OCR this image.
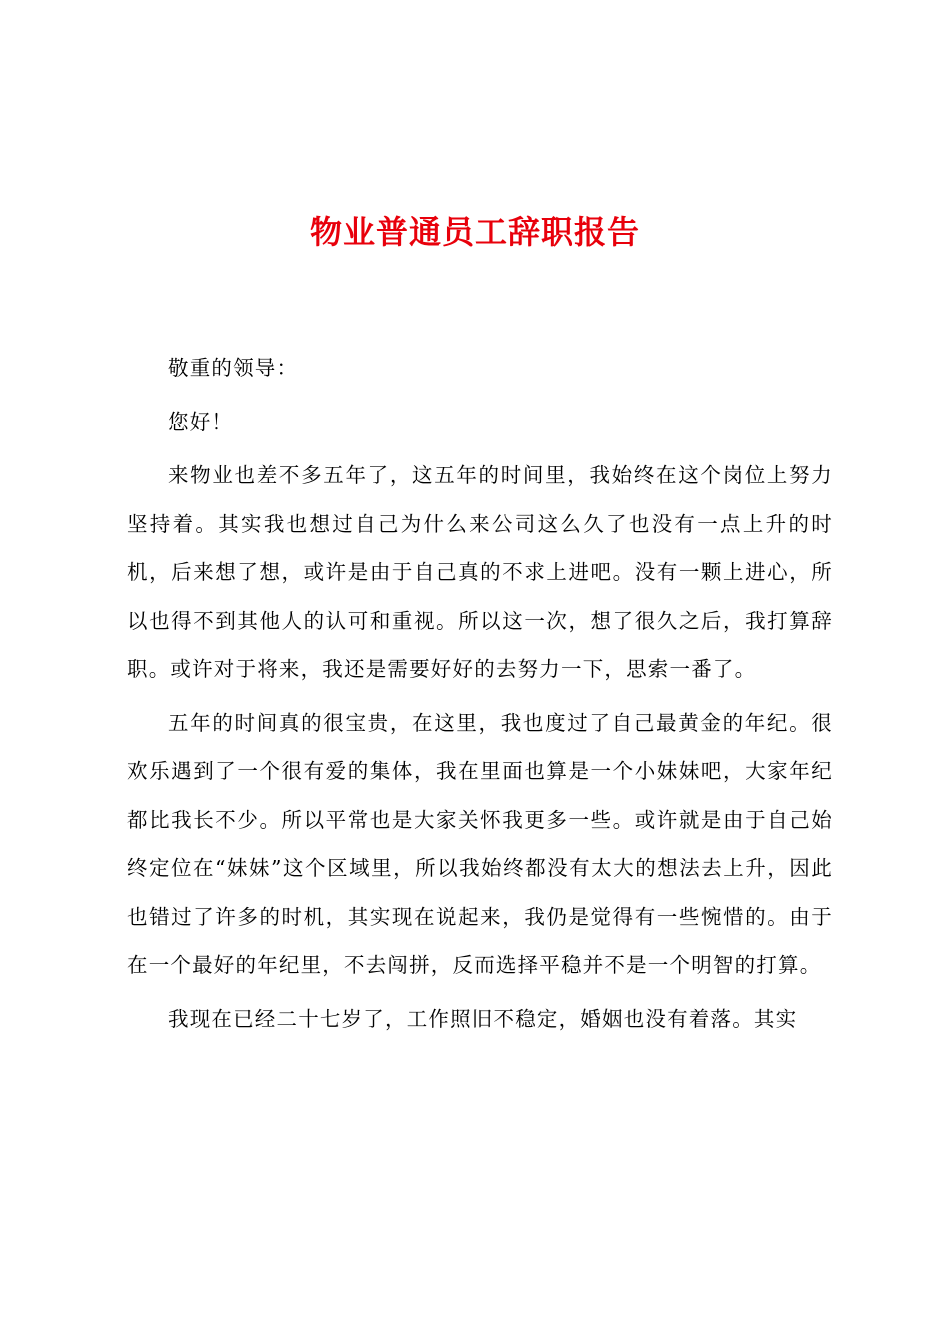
物业普通员工辞职报告

敬重的领导：

您好！

来物业也差不多五年了，这五年的时间里，我始终在这个岗位上努力坚持着。其实我也想过自己为什么来公司这么久了也没有一点上升的时机，后来想了想，或许是由于自己真的不求上进吧。没有一颗上进心，所以也得不到其他人的认可和重视。所以这一次，想了很久之后，我打算辞职。或许对于将来，我还是需要好好的去努力一下，思索一番了。

五年的时间真的很宝贵，在这里，我也度过了自己最黄金的年纪。很欢乐遇到了一个很有爱的集体，我在里面也算是一个小妹妹吧，大家年纪都比我长不少。所以平常也是大家关怀我更多一些。或许就是由于自己始终定位在“妹妹”这个区域里，所以我始终都没有太大的想法去上升，因此也错过了许多的时机，其实现在说起来，我仍是觉得有一些惋惜的。由于在一个最好的年纪里，不去闯拼，反而选择平稳并不是一个明智的打算。

我现在已经二十七岁了，工作照旧不稳定，婚姻也没有着落。其实
